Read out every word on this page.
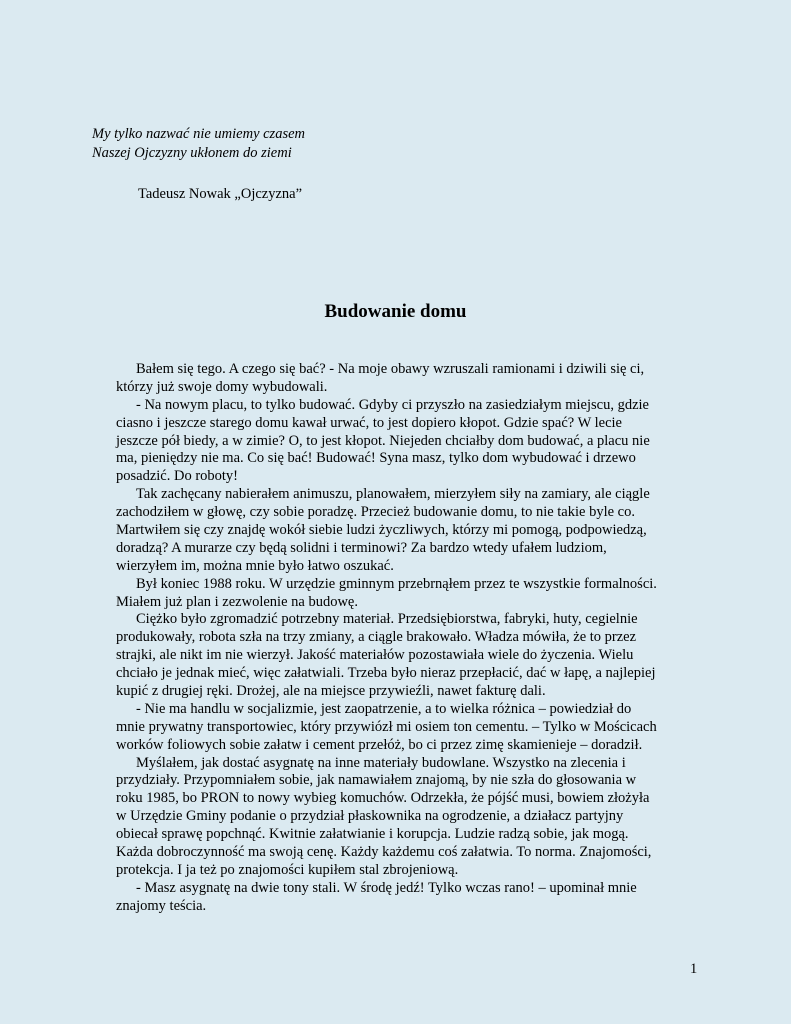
My tylko nazwać nie umiemy czasem
Naszej Ojczyzny ukłonem do ziemi
Tadeusz Nowak „Ojczyzna”
Budowanie domu
Bałem się tego. A czego się bać? - Na moje obawy wzruszali ramionami i dziwili się ci,
którzy już swoje domy wybudowali.
- Na nowym placu, to tylko budować. Gdyby ci przyszło na zasiedziałym miejscu, gdzie
ciasno i jeszcze starego domu kawał urwać, to jest dopiero kłopot. Gdzie spać? W lecie
jeszcze pół biedy, a w zimie? O, to jest kłopot. Niejeden chciałby dom budować, a placu nie
ma, pieniędzy nie ma. Co się bać! Budować! Syna masz, tylko dom wybudować i drzewo
posadzić. Do roboty!
Tak zachęcany nabierałem animuszu, planowałem, mierzyłem siły na zamiary, ale ciągle
zachodziłem w głowę, czy sobie poradzę. Przecież budowanie domu, to nie takie byle co.
Martwiłem się czy znajdę wokół siebie ludzi życzliwych, którzy mi pomogą, podpowiedzą,
doradzą? A murarze czy będą solidni i terminowi? Za bardzo wtedy ufałem ludziom,
wierzyłem im, można mnie było łatwo oszukać.
Był koniec 1988 roku. W urzędzie gminnym przebrnąłem przez te wszystkie formalności.
Miałem już plan i zezwolenie na budowę.
Ciężko było zgromadzić potrzebny materiał. Przedsiębiorstwa, fabryki, huty, cegielnie
produkowały, robota szła na trzy zmiany, a ciągle brakowało. Władza mówiła, że to przez
strajki, ale nikt im nie wierzył. Jakość materiałów pozostawiała wiele do życzenia. Wielu
chciało je jednak mieć, więc załatwiali. Trzeba było nieraz przepłacić, dać w łapę, a najlepiej
kupić z drugiej ręki. Drożej, ale na miejsce przywieźli, nawet fakturę dali.
- Nie ma handlu w socjalizmie, jest zaopatrzenie, a to wielka różnica – powiedział do
mnie prywatny transportowiec, który przywiózł mi osiem ton cementu. – Tylko w Mościcach
worków foliowych sobie załatw i cement przełóż, bo ci przez zimę skamienieje – doradził.
Myślałem, jak dostać asygnatę na inne materiały budowlane. Wszystko na zlecenia i
przydziały. Przypomniałem sobie, jak namawiałem znajomą, by nie szła do głosowania w
roku 1985, bo PRON to nowy wybieg komuchów. Odrzekła, że pójść musi, bowiem złożyła
w Urzędzie Gminy podanie o przydział płaskownika na ogrodzenie, a działacz partyjny
obiecał sprawę popchnąć. Kwitnie załatwianie i korupcja. Ludzie radzą sobie, jak mogą.
Każda dobroczynność ma swoją cenę. Każdy każdemu coś załatwia. To norma. Znajomości,
protekcja. I ja też po znajomości kupiłem stal zbrojeniową.
- Masz asygnatę na dwie tony stali. W środę jedź! Tylko wczas rano! – upominał mnie
znajomy teścia.
1
